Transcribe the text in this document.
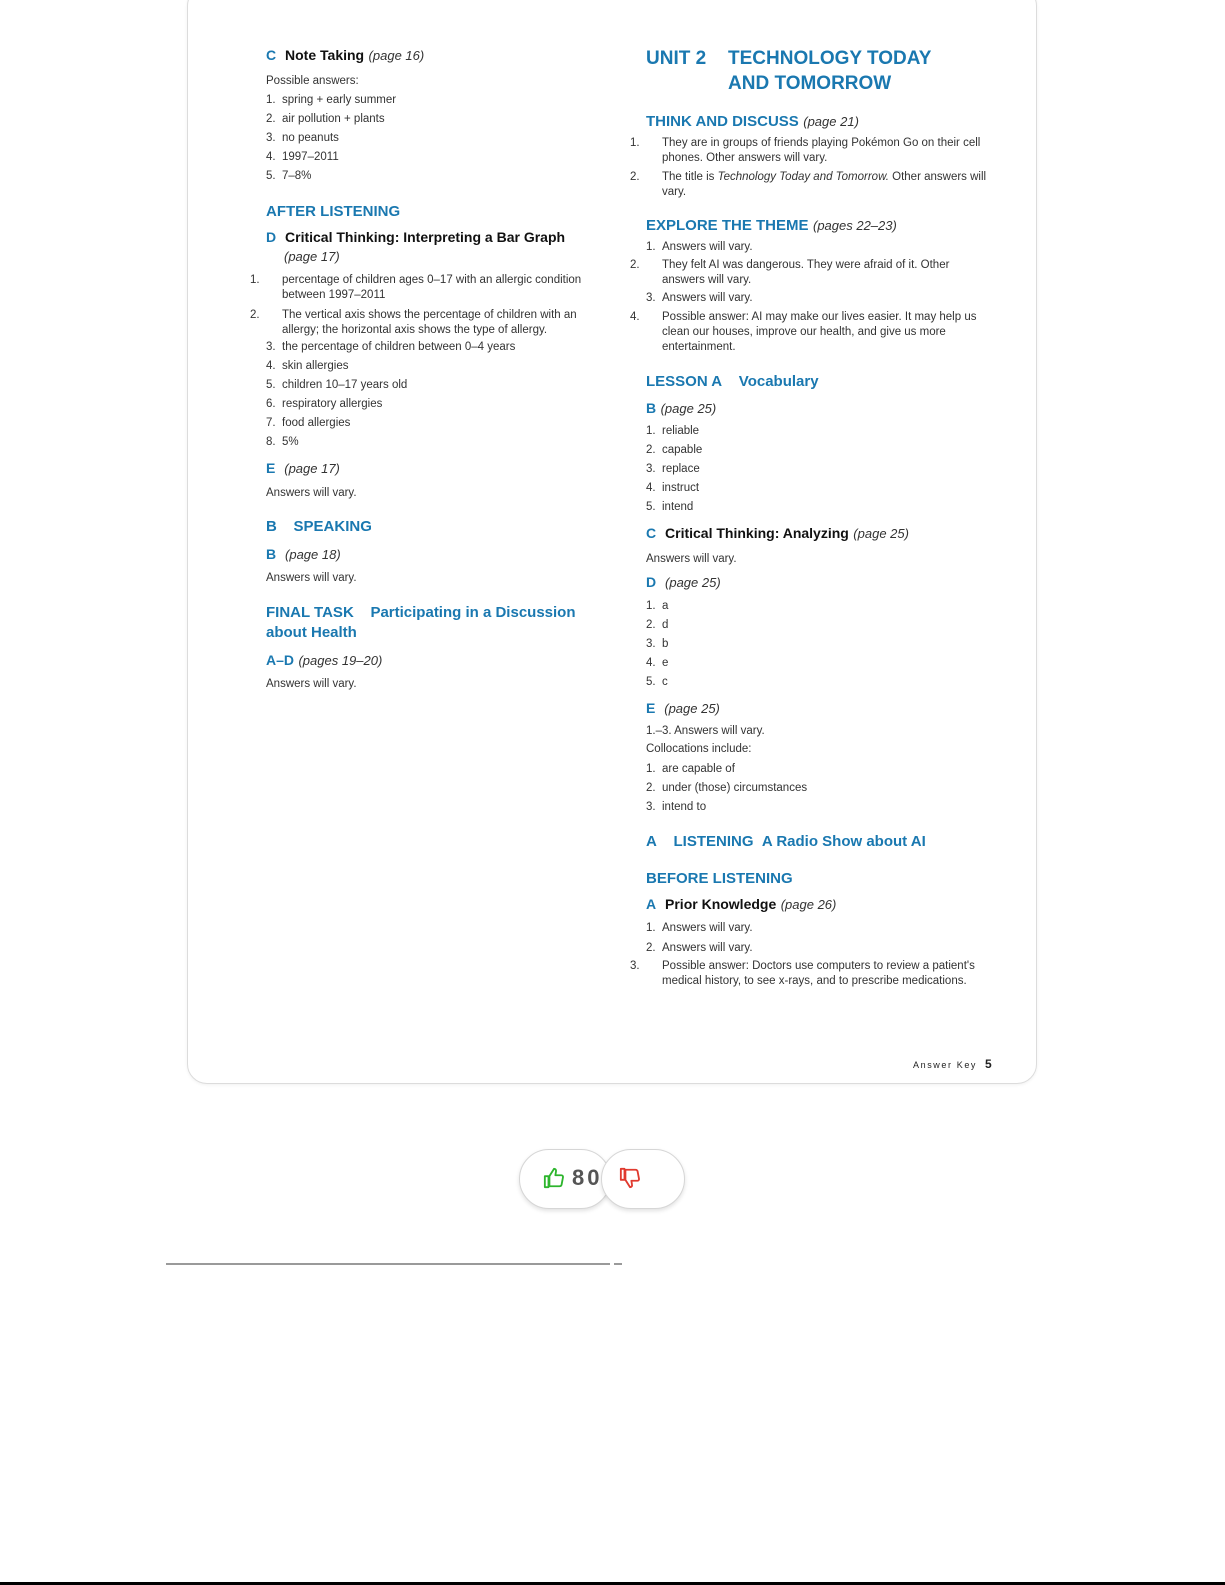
C Note Taking (page 16)
Possible answers:
1. spring + early summer
2. air pollution + plants
3. no peanuts
4. 1997–2011
5. 7–8%
AFTER LISTENING
D Critical Thinking: Interpreting a Bar Graph
(page 17)
1. percentage of children ages 0–17 with an allergic condition between 1997–2011
2. The vertical axis shows the percentage of children with an allergy; the horizontal axis shows the type of allergy.
3. the percentage of children between 0–4 years
4. skin allergies
5. children 10–17 years old
6. respiratory allergies
7. food allergies
8. 5%
E (page 17)
Answers will vary.
B SPEAKING
B (page 18)
Answers will vary.
FINAL TASK Participating in a Discussion
about Health
A–D (pages 19–20)
Answers will vary.
UNIT 2 TECHNOLOGY TODAY
AND TOMORROW
THINK AND DISCUSS (page 21)
1. They are in groups of friends playing Pokémon Go on their cell phones. Other answers will vary.
2. The title is Technology Today and Tomorrow. Other answers will vary.
EXPLORE THE THEME (pages 22–23)
1. Answers will vary.
2. They felt AI was dangerous. They were afraid of it. Other answers will vary.
3. Answers will vary.
4. Possible answer: AI may make our lives easier. It may help us clean our houses, improve our health, and give us more entertainment.
LESSON A Vocabulary
B (page 25)
1. reliable
2. capable
3. replace
4. instruct
5. intend
C Critical Thinking: Analyzing (page 25)
Answers will vary.
D (page 25)
1. a
2. d
3. b
4. e
5. c
E (page 25)
1.–3. Answers will vary.
Collocations include:
1. are capable of
2. under (those) circumstances
3. intend to
A LISTENING A Radio Show about AI
BEFORE LISTENING
A Prior Knowledge (page 26)
1. Answers will vary.
2. Answers will vary.
3. Possible answer: Doctors use computers to review a patient's medical history, to see x-rays, and to prescribe medications.
Answer Key 5
80
